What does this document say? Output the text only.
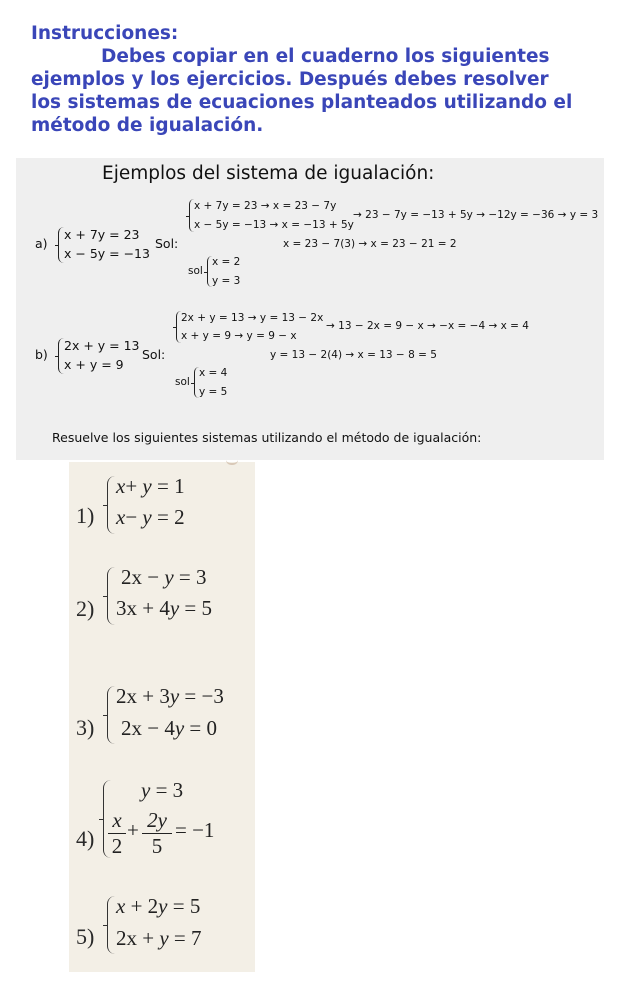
Instrucciones:
Debes copiar en el cuaderno los siguientes
ejemplos y los ejercicios. Después debes resolver
los sistemas de ecuaciones planteados utilizando el
método de igualación.
Ejemplos del sistema de igualación:
a)
x + 7y = 23
x − 5y = −13
Sol:
x + 7y = 23 → x = 23 − 7y
x − 5y = −13 → x = −13 + 5y
→ 23 − 7y = −13 + 5y → −12y = −36 → y = 3
x = 23 − 7(3) → x = 23 − 21 = 2
sol
x = 2
y = 3
b)
2x + y = 13
x + y = 9
Sol:
2x + y = 13 → y = 13 − 2x
x + y = 9 → y = 9 − x
→ 13 − 2x = 9 − x → −x = −4 → x = 4
y = 13 − 2(4) → x = 13 − 8 = 5
sol
x = 4
y = 5
Resuelve los siguientes sistemas utilizando el método de igualación:
1)
x+ y = 1
x− y = 2
2)
2x − y = 3
3x + 4y = 5
3)
2x + 3y = −3
2x − 4y = 0
4)
y = 3
$\frac{x}{2} + \frac{2y}{5} = -1$
5)
x + 2y = 5
2x + y = 7
